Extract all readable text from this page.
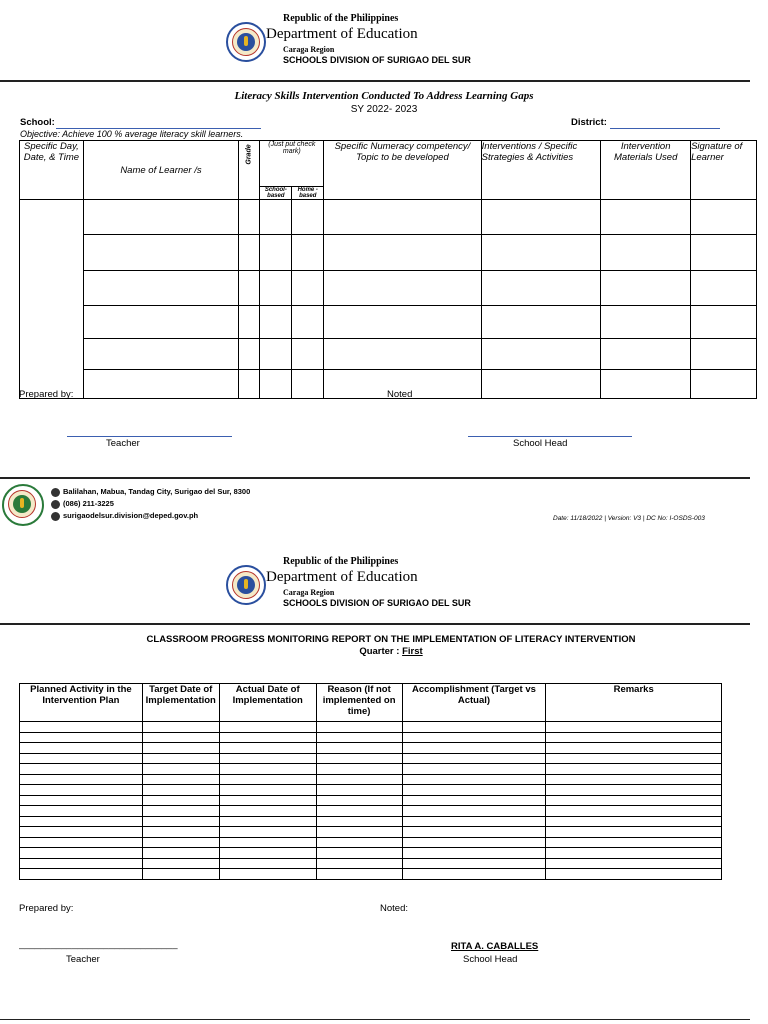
Republic of the Philippines
Department of Education
Caraga Region
SCHOOLS DIVISION OF SURIGAO DEL SUR
Literacy Skills Intervention Conducted To Address Learning Gaps
SY 2022- 2023
School:	District:
Objective: Achieve 100 % average literacy skill learners.
Specific Day, Date, & Time	Name of Learner /s	Grade	(Just put check mark)		Specific Numeracy competency/ Topic to be developed	Interventions / Specific Strategies & Activities	Intervention Materials Used	Signature of Learner
			School-based	Home - based				

Prepared by:	Noted
Teacher	School Head
Balilahan, Mabua, Tandag City, Surigao del Sur, 8300
(086) 211-3225
surigaodelsur.division@deped.gov.ph	Date: 11/18/2022 | Version: V3 | DC No: I-OSDS-003
Republic of the Philippines
Department of Education
Caraga Region
SCHOOLS DIVISION OF SURIGAO DEL SUR
CLASSROOM PROGRESS MONITORING REPORT ON THE IMPLEMENTATION OF LITERACY INTERVENTION
Quarter : First
Planned Activity in the Intervention Plan	Target Date of Implementation	Actual Date of Implementation	Reason (If not implemented on time)	Accomplishment (Target vs Actual)	Remarks

Prepared by:	Noted:
______________________________
Teacher
RITA A. CABALLES
School Head
